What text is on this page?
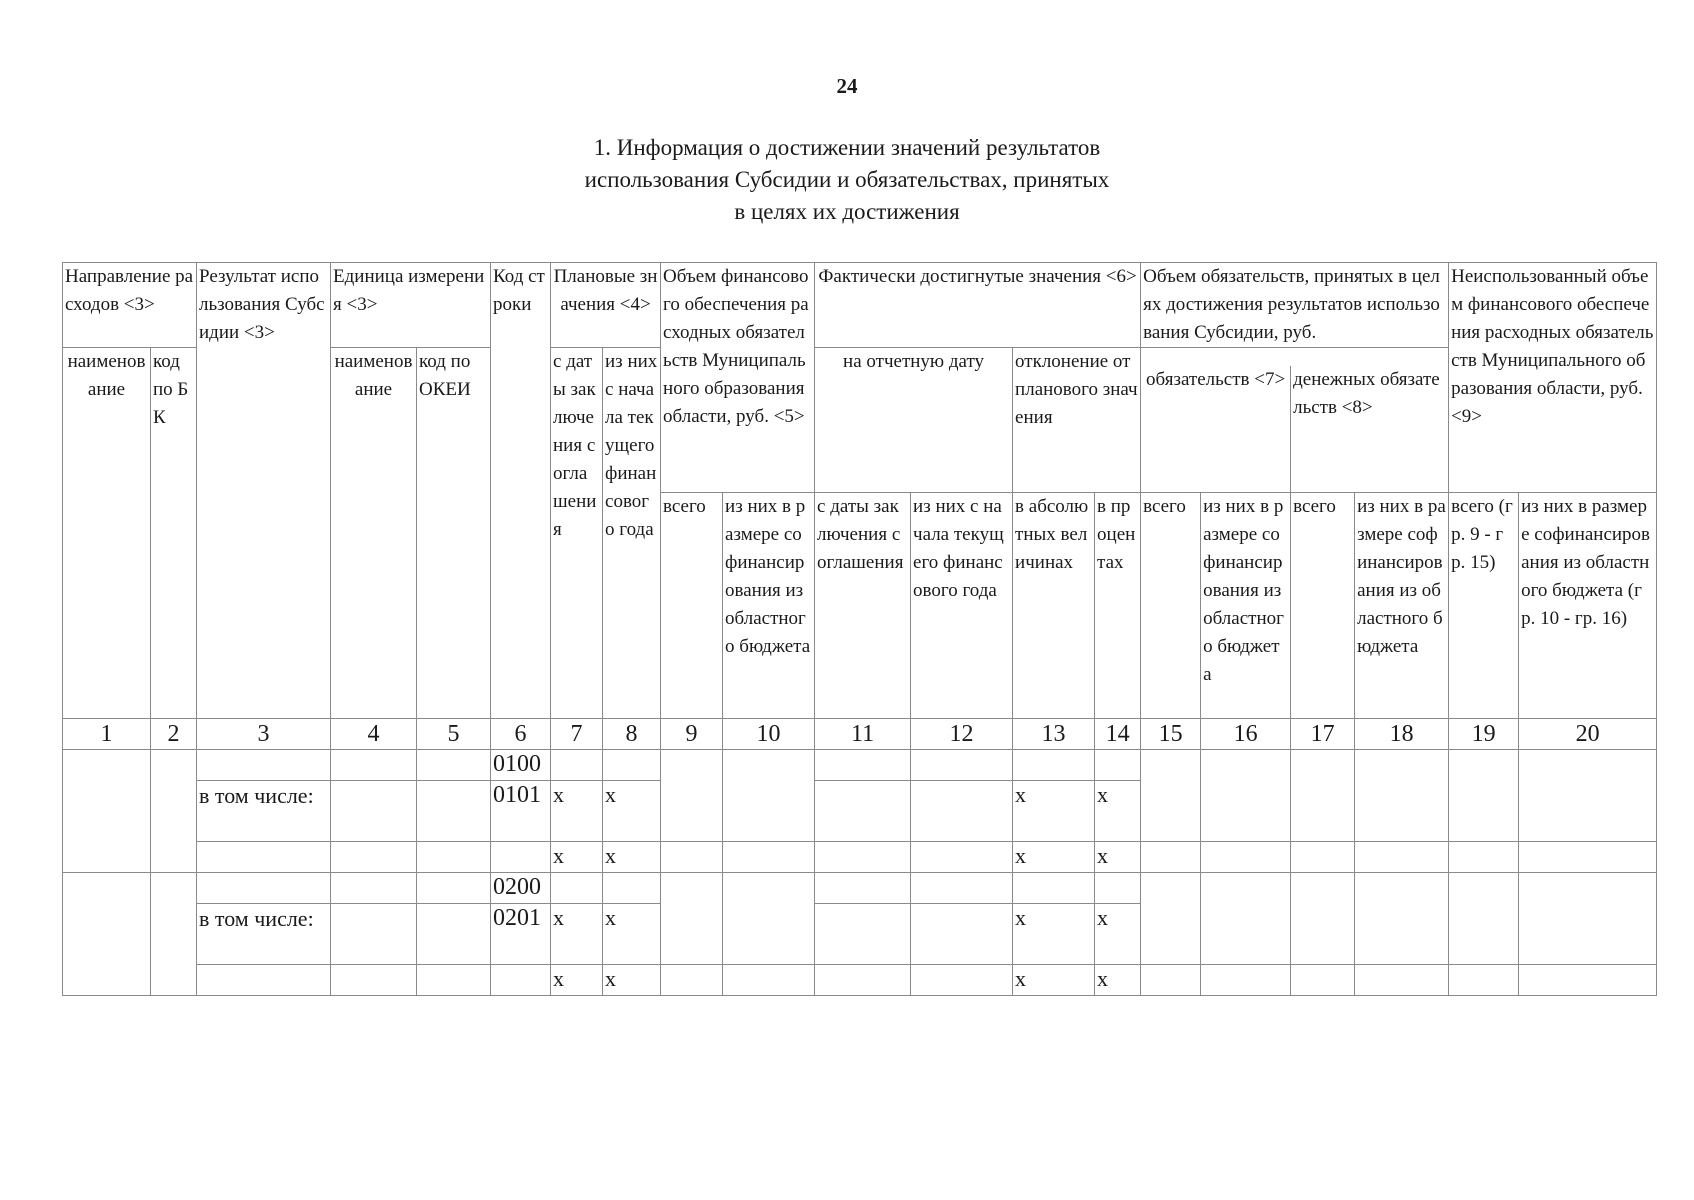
24
1. Информация о достижении значений результатов
использования Субсидии и обязательствах, принятых
в целях их достижения
Направление расходов <3>		Результат использования Субсидии <3>	Единица измерения <3>		Код строки	Плановые значения <4>		Объем финансового обеспечения расходных обязательств Муниципального образования области, руб. <5>		Фактически достигнутые значения <6>				Объем обязательств, принятых в целях достижения результатов использования Субсидии, руб.				Неиспользованный объем финансового обеспечения расходных обязательств Муниципального образования области, руб. <9>	
наименование	код по БК		наименование	код по ОКЕИ		с даты заключения соглашения	из них с начала текущего финансового года			на отчетную дату		отклонение от планового значения							
														обязательств <7>		денежных обязательств <8>			
								всего	из них в размере софинансирования из областного бюджета	с даты заключения соглашения	из них с начала текущего финансового года	в абсолютных величинах	в процентах	всего	из них в размере софинансирования из областного бюджета	всего	из них в размере софинансирования из областного бюджета	всего (гр. 9 - гр. 15)	из них в размере софинансирования из областного бюджета (гр. 10 - гр. 16)
1	2	3	4	5	6	7	8	9	10	11	12	13	14	15	16	17	18	19	20
					0100														
		в том числе:			0101	x	x					x	x						
						x	x					x	x						
					0200														
		в том числе:			0201	x	x					x	x						
						x	x					x	x						
